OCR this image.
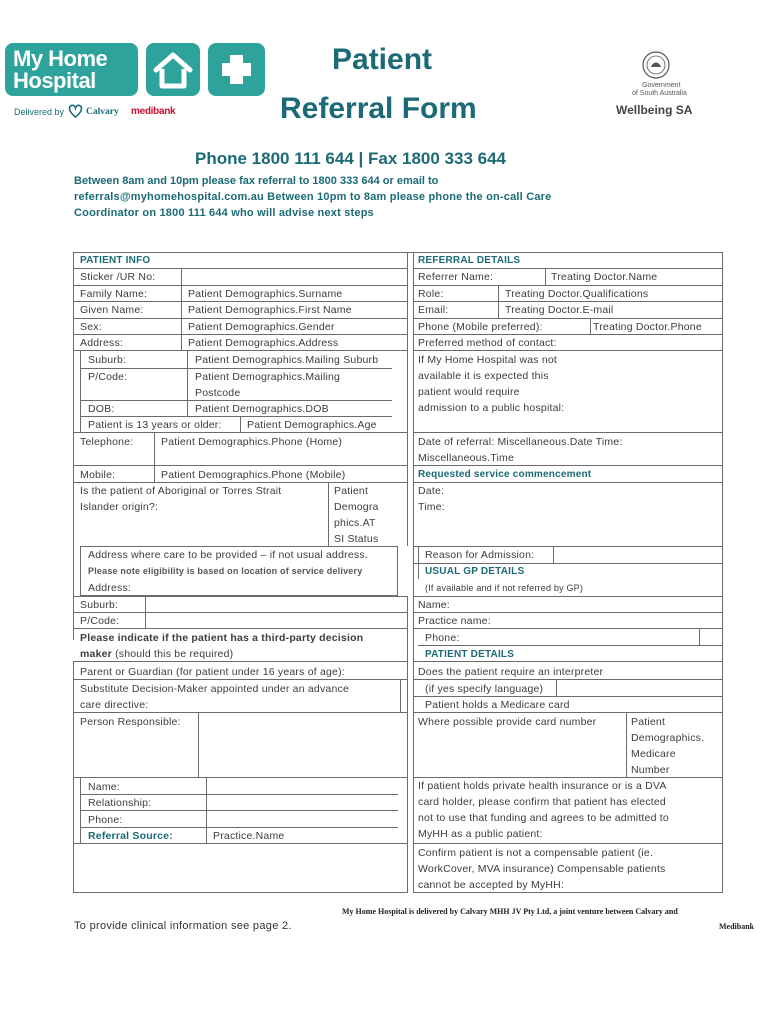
My Home
Hospital
Delivered by Calvary medibank
Patient
Referral Form
Government
of South Australia
Wellbeing SA
Phone 1800 111 644 | Fax 1800 333 644
Between 8am and 10pm please fax referral to 1800 333 644 or email to
referrals@myhomehospital.com.au Between 10pm to 8am please phone the on-call Care
Coordinator on 1800 111 644 who will advise next steps
PATIENT INFO
Sticker /UR No:
Family Name:	Patient Demographics.Surname
Given Name:	Patient Demographics.First Name
Sex:	Patient Demographics.Gender
Address:	Patient Demographics.Address
Suburb:	Patient Demographics.Mailing Suburb
P/Code:	Patient Demographics.Mailing
Postcode
DOB:	Patient Demographics.DOB
Patient is 13 years or older: Patient Demographics.Age
Telephone:	Patient Demographics.Phone (Home)
Mobile:	Patient Demographics.Phone (Mobile)
Is the patient of Aboriginal or Torres Strait
Islander origin?:
Patient
Demogra
phics.AT
SI Status
Address where care to be provided – if not usual address.
Please note eligibility is based on location of service delivery
Address:
Suburb:
P/Code:
Please indicate if the patient has a third-party decision
maker (should this be required)
Parent or Guardian (for patient under 16 years of age):
Substitute Decision-Maker appointed under an advance
care directive:
Person Responsible:
Name:
Relationship:
Phone:
Referral Source:	Practice.Name
REFERRAL DETAILS
Referrer Name:	Treating Doctor.Name
Role:	Treating Doctor.Qualifications
Email:	Treating Doctor.E-mail
Phone (Mobile preferred):	Treating Doctor.Phone
Preferred method of contact:
If My Home Hospital was not
available it is expected this
patient would require
admission to a public hospital:
Date of referral: Miscellaneous.Date Time:
Miscellaneous.Time
Requested service commencement
Date:
Time:
Reason for Admission:
USUAL GP DETAILS
(If available and if not referred by GP)
Name:
Practice name:
Phone:
PATIENT DETAILS
Does the patient require an interpreter
(if yes specify language)
Patient holds a Medicare card
Where possible provide card number	Patient
Demographics.
Medicare
Number
If patient holds private health insurance or is a DVA
card holder, please confirm that patient has elected
not to use that funding and agrees to be admitted to
MyHH as a public patient:
Confirm patient is not a compensable patient (ie.
WorkCover, MVA insurance) Compensable patients
cannot be accepted by MyHH:
To provide clinical information see page 2.
My Home Hospital is delivered by Calvary MHH JV Pty Ltd, a joint venture between Calvary and
Medibank
